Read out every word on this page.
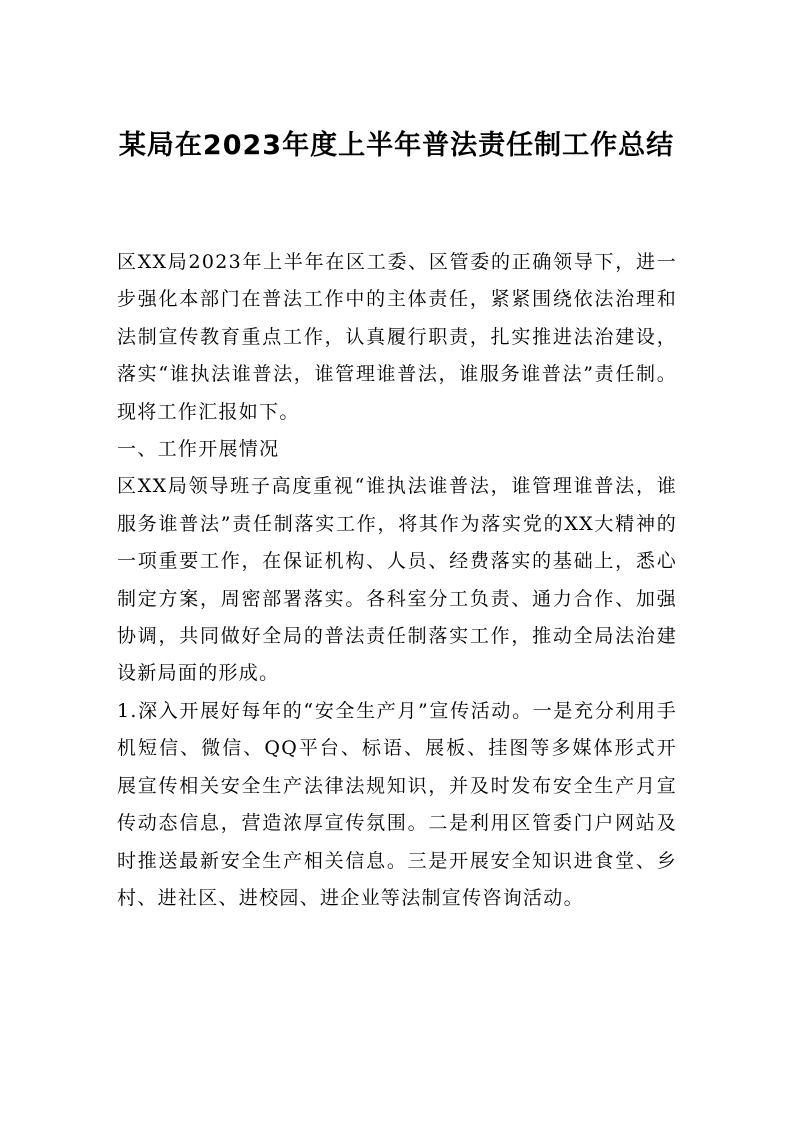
某局在2023年度上半年普法责任制工作总结

区XX局2023年上半年在区工委、区管委的正确领导下，进一步强化本部门在普法工作中的主体责任，紧紧围绕依法治理和法制宣传教育重点工作，认真履行职责，扎实推进法治建设，落实“谁执法谁普法，谁管理谁普法，谁服务谁普法”责任制。现将工作汇报如下。

一、工作开展情况

区XX局领导班子高度重视“谁执法谁普法，谁管理谁普法，谁服务谁普法”责任制落实工作，将其作为落实党的XX大精神的一项重要工作，在保证机构、人员、经费落实的基础上，悉心制定方案，周密部署落实。各科室分工负责、通力合作、加强协调，共同做好全局的普法责任制落实工作，推动全局法治建设新局面的形成。

1.深入开展好每年的“安全生产月”宣传活动。一是充分利用手机短信、微信、QQ平台、标语、展板、挂图等多媒体形式开展宣传相关安全生产法律法规知识，并及时发布安全生产月宣传动态信息，营造浓厚宣传氛围。二是利用区管委门户网站及时推送最新安全生产相关信息。三是开展安全知识进食堂、乡村、进社区、进校园、进企业等法制宣传咨询活动。
